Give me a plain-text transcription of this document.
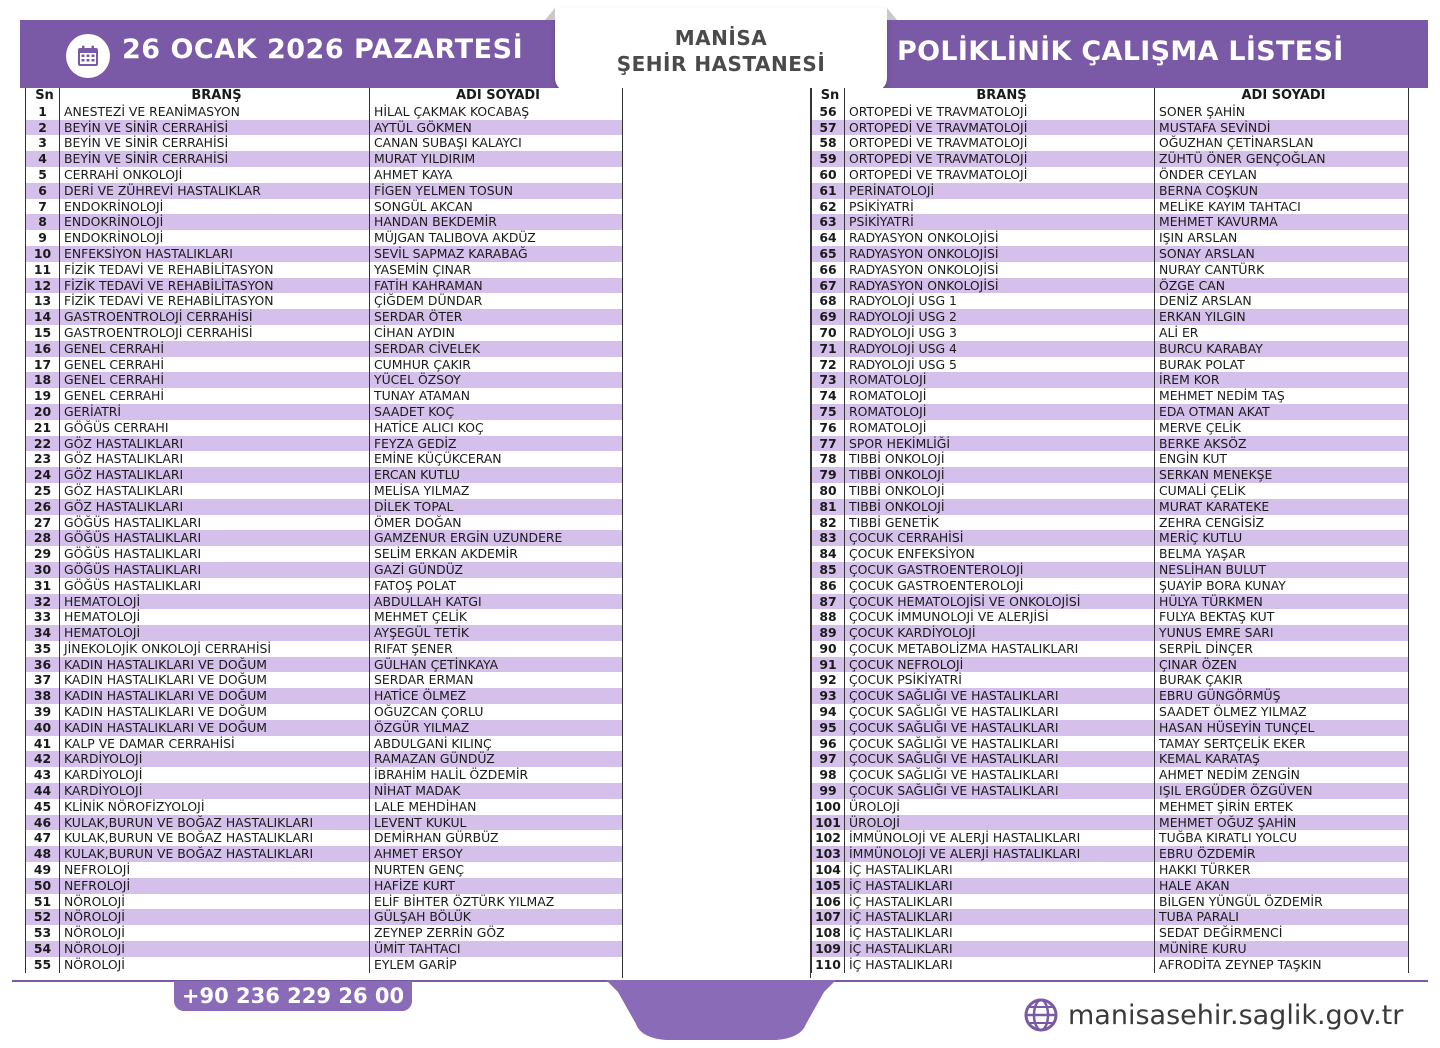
26 OCAK 2026 PAZARTESİ	POLİKLİNİK ÇALIŞMA LİSTESİ
MANİSA
ŞEHİR HASTANESİ
Sn	BRANŞ	ADI SOYADI
1	ANESTEZİ VE REANİMASYON	HİLAL ÇAKMAK KOCABAŞ
2	BEYİN VE SİNİR CERRAHİSİ	AYTÜL GÖKMEN
3	BEYİN VE SİNİR CERRAHİSİ	CANAN SUBAŞI KALAYCI
4	BEYİN VE SİNİR CERRAHİSİ	MURAT YILDIRIM
5	CERRAHİ ONKOLOJİ	AHMET KAYA
6	DERİ VE ZÜHREVİ HASTALIKLAR	FİGEN YELMEN TOSUN
7	ENDOKRİNOLOJİ	SONGÜL AKCAN
8	ENDOKRİNOLOJİ	HANDAN BEKDEMİR
9	ENDOKRİNOLOJİ	MÜJGAN TALIBOVA AKDÜZ
10	ENFEKSİYON HASTALIKLARI	SEVİL SAPMAZ KARABAĞ
11	FİZİK TEDAVİ VE REHABİLİTASYON	YASEMİN ÇINAR
12	FİZİK TEDAVİ VE REHABİLİTASYON	FATİH KAHRAMAN
13	FİZİK TEDAVİ VE REHABİLİTASYON	ÇİĞDEM DÜNDAR
14	GASTROENTROLOJİ CERRAHİSİ	SERDAR ÖTER
15	GASTROENTROLOJİ CERRAHİSİ	CİHAN AYDIN
16	GENEL CERRAHİ	SERDAR CİVELEK
17	GENEL CERRAHİ	CUMHUR ÇAKIR
18	GENEL CERRAHİ	YÜCEL ÖZSOY
19	GENEL CERRAHİ	TUNAY ATAMAN
20	GERİATRİ	SAADET KOÇ
21	GÖĞÜS CERRAHI	HATİCE ALICI KOÇ
22	GÖZ HASTALIKLARI	FEYZA GEDİZ
23	GÖZ HASTALIKLARI	EMİNE KÜÇÜKCERAN
24	GÖZ HASTALIKLARI	ERCAN KUTLU
25	GÖZ HASTALIKLARI	MELİSA YILMAZ
26	GÖZ HASTALIKLARI	DİLEK TOPAL
27	GÖĞÜS HASTALIKLARI	ÖMER DOĞAN
28	GÖĞÜS HASTALIKLARI	GAMZENUR ERGİN UZUNDERE
29	GÖĞÜS HASTALIKLARI	SELİM ERKAN AKDEMİR
30	GÖĞÜS HASTALIKLARI	GAZİ GÜNDÜZ
31	GÖĞÜS HASTALIKLARI	FATOŞ POLAT
32	HEMATOLOJİ	ABDULLAH KATGI
33	HEMATOLOJİ	MEHMET ÇELİK
34	HEMATOLOJİ	AYŞEGÜL TETİK
35	JİNEKOLOJİK ONKOLOJİ CERRAHİSİ	RIFAT ŞENER
36	KADIN HASTALIKLARI VE DOĞUM	GÜLHAN ÇETİNKAYA
37	KADIN HASTALIKLARI VE DOĞUM	SERDAR ERMAN
38	KADIN HASTALIKLARI VE DOĞUM	HATİCE ÖLMEZ
39	KADIN HASTALIKLARI VE DOĞUM	OĞUZCAN ÇORLU
40	KADIN HASTALIKLARI VE DOĞUM	ÖZGÜR YILMAZ
41	KALP VE DAMAR CERRAHİSİ	ABDULGANİ KILINÇ
42	KARDİYOLOJİ	RAMAZAN GÜNDÜZ
43	KARDİYOLOJİ	İBRAHİM HALİL ÖZDEMİR
44	KARDİYOLOJİ	NİHAT MADAK
45	KLİNİK NÖROFİZYOLOJİ	LALE MEHDİHAN
46	KULAK,BURUN VE BOĞAZ HASTALIKLARI	LEVENT KUKUL
47	KULAK,BURUN VE BOĞAZ HASTALIKLARI	DEMİRHAN GÜRBÜZ
48	KULAK,BURUN VE BOĞAZ HASTALIKLARI	AHMET ERSOY
49	NEFROLOJİ	NURTEN GENÇ
50	NEFROLOJİ	HAFİZE KURT
51	NÖROLOJİ	ELİF BİHTER ÖZTÜRK YILMAZ
52	NÖROLOJİ	GÜLŞAH BÖLÜK
53	NÖROLOJİ	ZEYNEP ZERRİN GÖZ
54	NÖROLOJİ	ÜMİT TAHTACI
55	NÖROLOJİ	EYLEM GARİP
Sn	BRANŞ	ADI SOYADI
56	ORTOPEDİ VE TRAVMATOLOJİ	SONER ŞAHİN
57	ORTOPEDİ VE TRAVMATOLOJİ	MUSTAFA SEVİNDİ
58	ORTOPEDİ VE TRAVMATOLOJİ	OĞUZHAN ÇETİNARSLAN
59	ORTOPEDİ VE TRAVMATOLOJİ	ZÜHTÜ ÖNER GENÇOĞLAN
60	ORTOPEDİ VE TRAVMATOLOJİ	ÖNDER CEYLAN
61	PERİNATOLOJİ	BERNA COŞKUN
62	PSİKİYATRİ	MELİKE KAYIM TAHTACI
63	PSİKİYATRİ	MEHMET KAVURMA
64	RADYASYON ONKOLOJİSİ	IŞIN ARSLAN
65	RADYASYON ONKOLOJİSİ	SONAY ARSLAN
66	RADYASYON ONKOLOJİSİ	NURAY CANTÜRK
67	RADYASYON ONKOLOJİSİ	ÖZGE CAN
68	RADYOLOJİ USG 1	DENİZ ARSLAN
69	RADYOLOJİ USG 2	ERKAN YILGIN
70	RADYOLOJİ USG 3	ALİ ER
71	RADYOLOJİ USG 4	BURCU KARABAY
72	RADYOLOJİ USG 5	BURAK POLAT
73	ROMATOLOJİ	İREM KOR
74	ROMATOLOJİ	MEHMET NEDİM TAŞ
75	ROMATOLOJİ	EDA OTMAN AKAT
76	ROMATOLOJİ	MERVE ÇELİK
77	SPOR HEKİMLİĞİ	BERKE AKSÖZ
78	TIBBİ ONKOLOJİ	ENGİN KUT
79	TIBBİ ONKOLOJİ	SERKAN MENEKŞE
80	TIBBİ ONKOLOJİ	CUMALİ ÇELİK
81	TIBBİ ONKOLOJİ	MURAT KARATEKE
82	TIBBİ GENETİK	ZEHRA CENGİSİZ
83	ÇOCUK CERRAHİSİ	MERİÇ KUTLU
84	ÇOCUK ENFEKSİYON	BELMA YAŞAR
85	ÇOCUK GASTROENTEROLOJİ	NESLİHAN BULUT
86	ÇOCUK GASTROENTEROLOJİ	ŞUAYİP BORA KUNAY
87	ÇOCUK HEMATOLOJİSİ VE ONKOLOJİSİ	HÜLYA TÜRKMEN
88	ÇOCUK İMMUNOLOJİ VE ALERJİSİ	FULYA BEKTAŞ KUT
89	ÇOCUK KARDİYOLOJİ	YUNUS EMRE SARI
90	ÇOCUK METABOLİZMA HASTALIKLARI	SERPİL DİNÇER
91	ÇOCUK NEFROLOJİ	ÇINAR ÖZEN
92	ÇOCUK PSİKİYATRİ	BURAK ÇAKIR
93	ÇOCUK SAĞLIĞI VE HASTALIKLARI	EBRU GÜNGÖRMÜŞ
94	ÇOCUK SAĞLIĞI VE HASTALIKLARI	SAADET ÖLMEZ YILMAZ
95	ÇOCUK SAĞLIĞI VE HASTALIKLARI	HASAN HÜSEYİN TUNÇEL
96	ÇOCUK SAĞLIĞI VE HASTALIKLARI	TAMAY SERTÇELİK EKER
97	ÇOCUK SAĞLIĞI VE HASTALIKLARI	KEMAL KARATAŞ
98	ÇOCUK SAĞLIĞI VE HASTALIKLARI	AHMET NEDİM ZENGİN
99	ÇOCUK SAĞLIĞI VE HASTALIKLARI	IŞIL ERGÜDER ÖZGÜVEN
100	ÜROLOJİ	MEHMET ŞİRİN ERTEK
101	ÜROLOJİ	MEHMET OĞUZ ŞAHİN
102	İMMÜNOLOJİ VE ALERJİ HASTALIKLARI	TUĞBA KIRATLI YOLCU
103	İMMÜNOLOJİ VE ALERJİ HASTALIKLARI	EBRU ÖZDEMİR
104	İÇ HASTALIKLARI	HAKKI TÜRKER
105	İÇ HASTALIKLARI	HALE AKAN
106	İÇ HASTALIKLARI	BİLGEN YÜNGÜL ÖZDEMİR
107	İÇ HASTALIKLARI	TUBA PARALI
108	İÇ HASTALIKLARI	SEDAT DEĞİRMENCİ
109	İÇ HASTALIKLARI	MÜNİRE KURU
110	İÇ HASTALIKLARI	AFRODİTA ZEYNEP TAŞKIN
+90 236 229 26 00
manisasehir.saglik.gov.tr
